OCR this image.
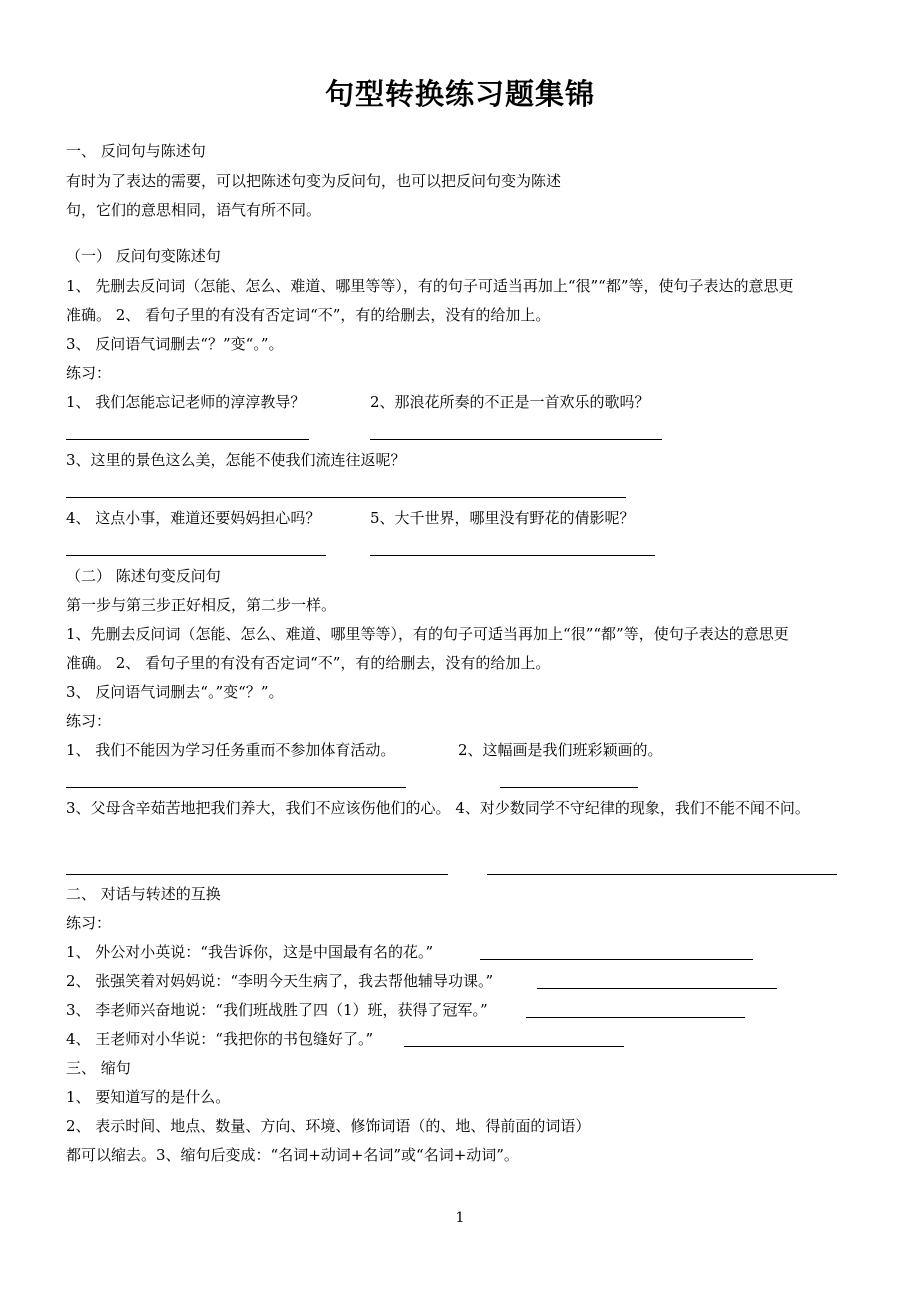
句型转换练习题集锦
一、 反问句与陈述句
有时为了表达的需要，可以把陈述句变为反问句，也可以把反问句变为陈述
句，它们的意思相同，语气有所不同。
（一） 反问句变陈述句
1、 先删去反问词（怎能、怎么、难道、哪里等等），有的句子可适当再加上“很”“都”等，使句子表达的意思更
准确。 2、 看句子里的有没有否定词“不”，有的给删去，没有的给加上。
3、 反问语气词删去“？”变“。”。
练习：
1、 我们怎能忘记老师的淳淳教导？	2、那浪花所奏的不正是一首欢乐的歌吗？
3、这里的景色这么美，怎能不使我们流连往返呢？
4、 这点小事，难道还要妈妈担心吗？	5、大千世界，哪里没有野花的倩影呢？
（二） 陈述句变反问句
第一步与第三步正好相反，第二步一样。
1、先删去反问词（怎能、怎么、难道、哪里等等），有的句子可适当再加上“很”“都”等，使句子表达的意思更
准确。 2、 看句子里的有没有否定词“不”，有的给删去，没有的给加上。
3、 反问语气词删去“。”变“？”。
练习：
1、 我们不能因为学习任务重而不参加体育活动。	2、这幅画是我们班彩颖画的。
3、父母含辛茹苦地把我们养大，我们不应该伤他们的心。 4、对少数同学不守纪律的现象，我们不能不闻不问。
二、 对话与转述的互换
练习：
1、 外公对小英说：“我告诉你，这是中国最有名的花。”
2、 张强笑着对妈妈说：“李明今天生病了，我去帮他辅导功课。”
3、 李老师兴奋地说：“我们班战胜了四（1）班，获得了冠军。”
4、 王老师对小华说：“我把你的书包缝好了。”
三、 缩句
1、 要知道写的是什么。
2、 表示时间、地点、数量、方向、环境、修饰词语（的、地、得前面的词语）
都可以缩去。3、缩句后变成：“名词+动词+名词”或“名词+动词”。
1
